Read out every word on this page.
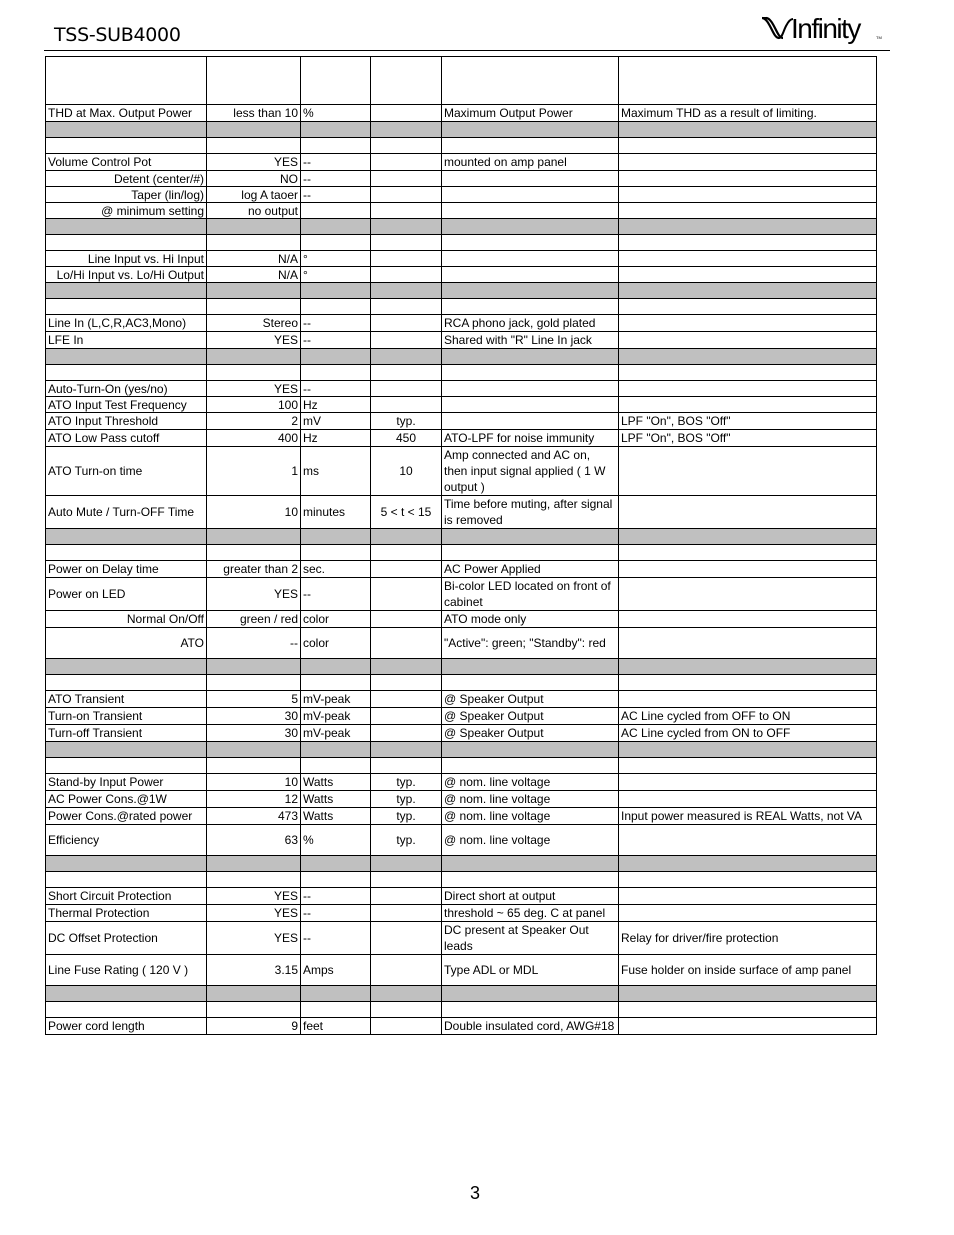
TSS-SUB4000	Infinity	TM

THD at Max. Output Power	less than 10	%		Maximum Output Power	Maximum THD as a result of limiting.

Volume Control Pot	YES	--		mounted on amp panel	
Detent (center/#)	NO	--			
Taper (lin/log)	log A taoer	--			
@ minimum setting	no output				

Line Input vs. Hi Input	N/A	°			
Lo/Hi Input vs. Lo/Hi Output	N/A	°			

Line In (L,C,R,AC3,Mono)	Stereo	--		RCA phono jack, gold plated	
LFE In	YES	--		Shared with "R" Line In jack	

Auto-Turn-On (yes/no)	YES	--			
ATO Input Test Frequency	100	Hz			
ATO Input Threshold	2	mV	typ.		LPF "On", BOS "Off"
ATO Low Pass cutoff	400	Hz	450	ATO-LPF for noise immunity	LPF "On", BOS "Off"
ATO Turn-on time	1	ms	10	Amp connected and AC on, then input signal applied ( 1 W output )	
Auto Mute / Turn-OFF Time	10	minutes	5 < t < 15	Time before muting, after signal is removed	

Power on Delay time	greater than 2	sec.		AC Power Applied	
Power on LED	YES	--		Bi-color LED located on front of cabinet	
Normal On/Off	green / red	color		ATO mode only	
ATO	--	color		"Active": green; "Standby": red	

ATO Transient	5	mV-peak		@ Speaker Output	
Turn-on Transient	30	mV-peak		@ Speaker Output	AC Line cycled from OFF to ON
Turn-off Transient	30	mV-peak		@ Speaker Output	AC Line cycled from ON to OFF

Stand-by Input Power	10	Watts	typ.	@ nom. line voltage	
AC Power Cons.@1W	12	Watts	typ.	@ nom. line voltage	
Power Cons.@rated power	473	Watts	typ.	@ nom. line voltage	Input power measured is REAL Watts, not VA
Efficiency	63	%	typ.	@ nom. line voltage	

Short Circuit Protection	YES	--		Direct short at output	
Thermal Protection	YES	--		threshold ~ 65 deg. C at panel	
DC Offset Protection	YES	--		DC present at Speaker Out leads	Relay for driver/fire protection
Line Fuse Rating ( 120 V )	3.15	Amps		Type ADL or MDL	Fuse holder on inside surface of amp panel

Power cord length	9	feet		Double insulated cord, AWG#18	
3
